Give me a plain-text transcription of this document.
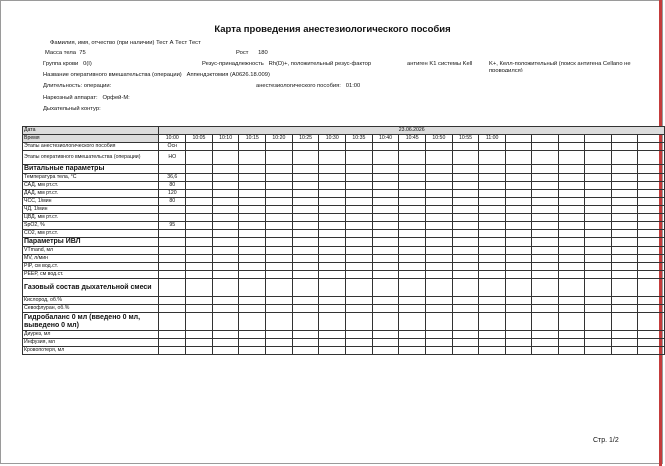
Карта проведения анестезиологического пособия
Фамилия, имя, отчество (при наличии) Тест А Тест Тест
Масса тела 75	Рост 180
Группа крови 0(I)	Резус-принадлежность Rh(D)+, положительный резус-фактор	антиген K1 системы Kell	K+, Келл-положительный (поиск антигена Cellano не
проводился)
Название оперативного вмешательства (операции) Аппендэктомия (A0626.18.009)
Длительность: операции:	анестезиологического пособия: 01:00
Наркозный аппарат: Орфей-М:
Дыхательный контур:
Дата	23.06.2026																		
Время	10:00	10:05	10:10	10:15	10:20	10:25	10:30	10:35	10:40	10:45	10:50	10:55	11:00						
Этапы анестезиологического пособия	Осн																		
Этапы оперативного вмешательства (операции)	НО																		
Витальные параметры																			
Температура тела, °С	36,6																		
САД, мм рт.ст.	80																		
ДАД, мм рт.ст.	120																		
ЧСС, 1/мин	80																		
ЧД, 1/мин																			
ЦВД, мм рт.ст.																			
SpO2, %	95																		
CO2, мм рт.ст.																			
Параметры ИВЛ																			
VTmand, мл																			
MV, л/мин																			
PIP, см вод.ст.																			
PEEP, см вод.ст.																			
Газовый состав дыхательной смеси																			
Кислород, об.%																			
Севофлуран, об.%																			
Гидробаланс 0 мл (введено 0 мл, выведено 0 мл)																			
Диурез, мл																			
Инфузия, мл																			
Кровопотеря, мл																			
Стр. 1/2
